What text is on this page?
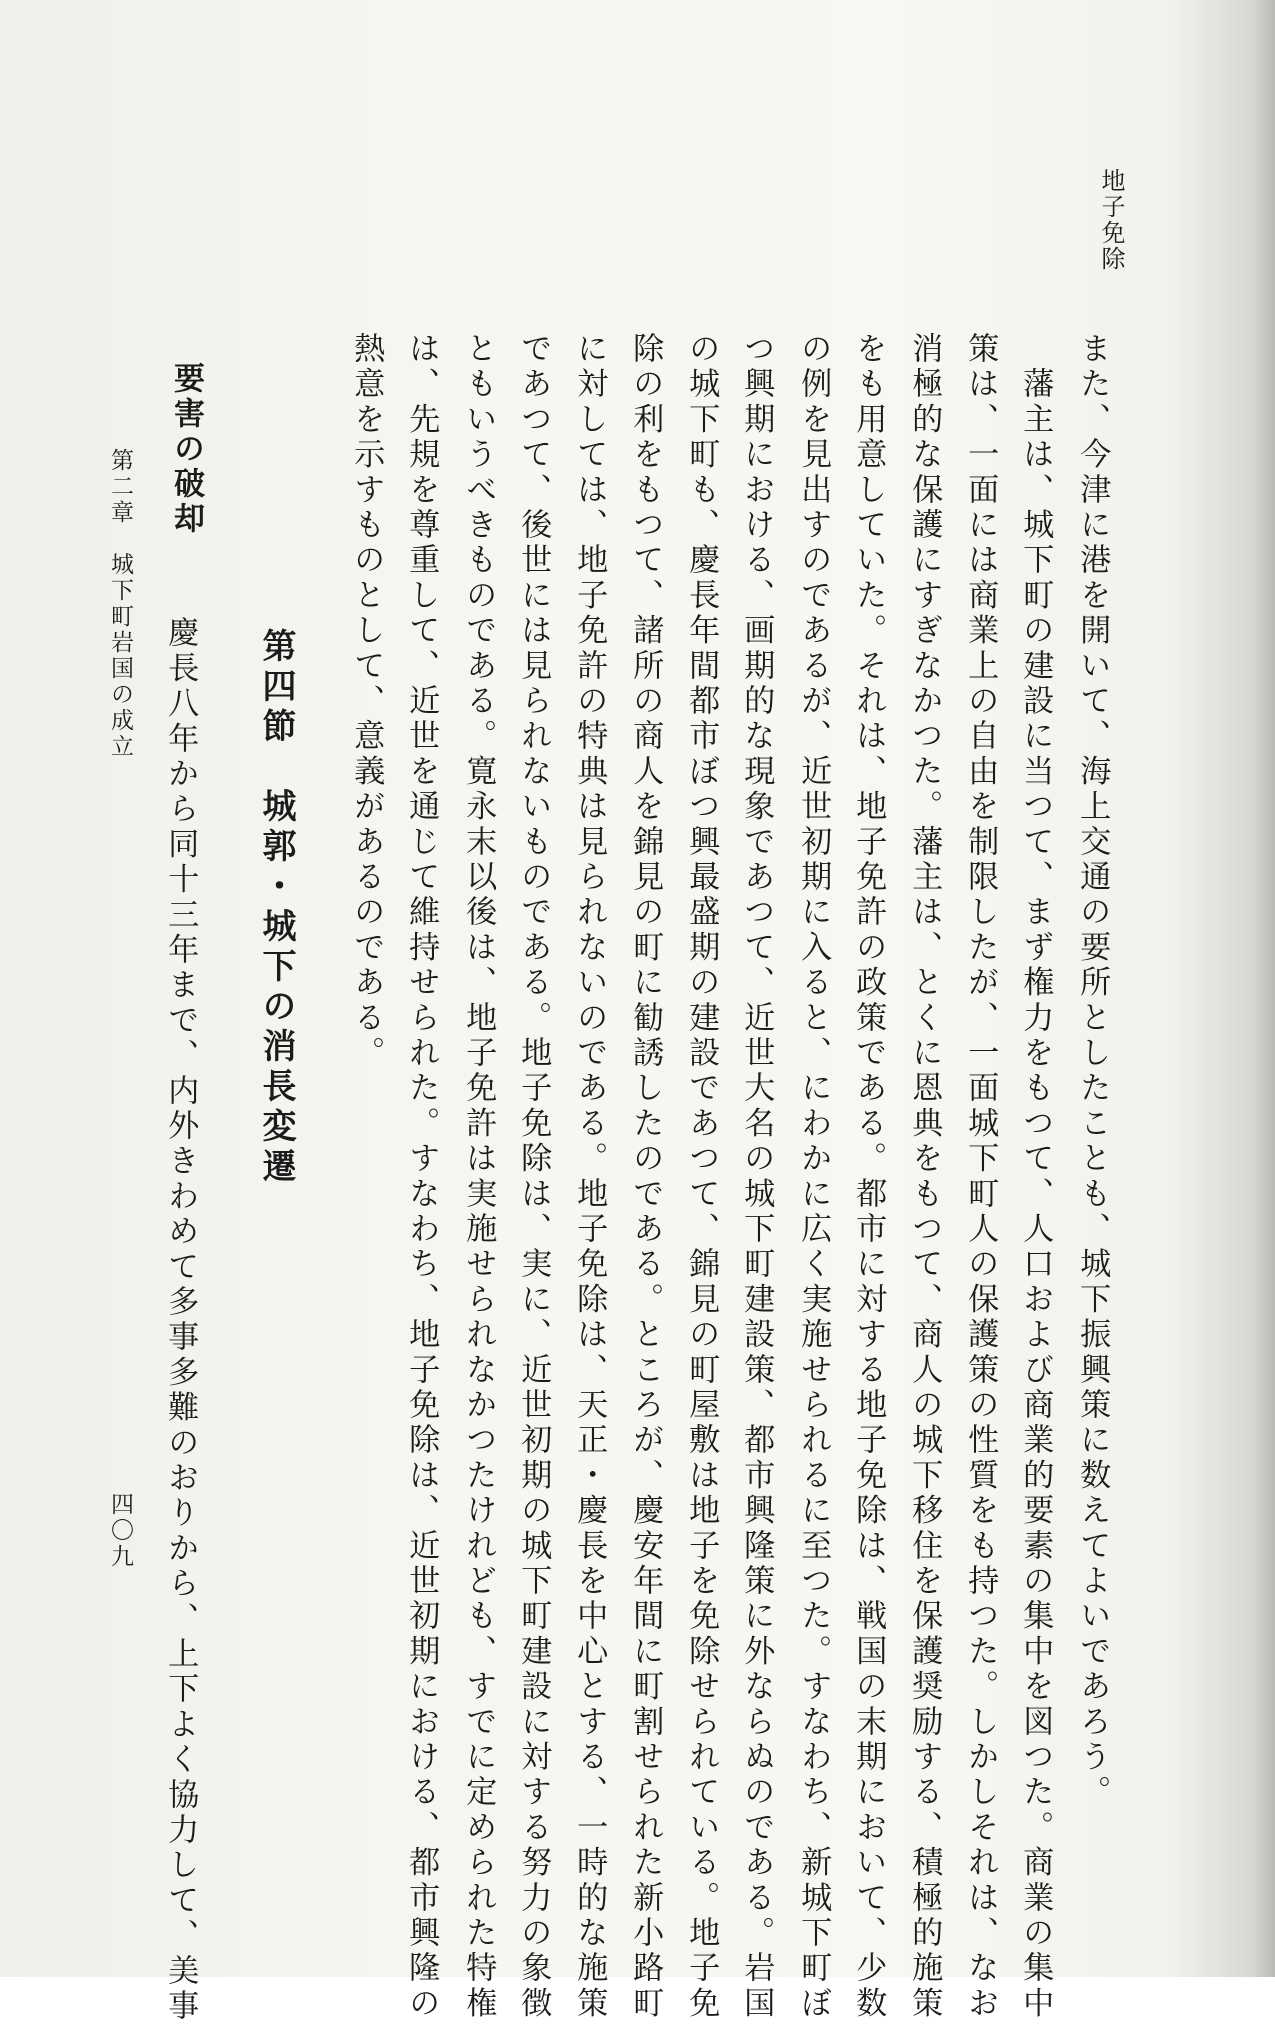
地子免除
また、今津に港を開いて、海上交通の要所としたことも、城下振興策に数えてよいであろう。
　藩主は、城下町の建設に当つて、まず権力をもつて、人口および商業的要素の集中を図つた。商業の集中
策は、一面には商業上の自由を制限したが、一面城下町人の保護策の性質をも持つた。しかしそれは、なお
消極的な保護にすぎなかつた。藩主は、とくに恩典をもつて、商人の城下移住を保護奨励する、積極的施策
をも用意していた。それは、地子免許の政策である。都市に対する地子免除は、戦国の末期において、少数
の例を見出すのであるが、近世初期に入ると、にわかに広く実施せられるに至つた。すなわち、新城下町ぼ
つ興期における、画期的な現象であつて、近世大名の城下町建設策、都市興隆策に外ならぬのである。岩国
の城下町も、慶長年間都市ぼつ興最盛期の建設であつて、錦見の町屋敷は地子を免除せられている。地子免
除の利をもつて、諸所の商人を錦見の町に勧誘したのである。ところが、慶安年間に町割せられた新小路町
に対しては、地子免許の特典は見られないのである。地子免除は、天正・慶長を中心とする、一時的な施策
であつて、後世には見られないものである。地子免除は、実に、近世初期の城下町建設に対する努力の象徴
ともいうべきものである。寛永末以後は、地子免許は実施せられなかつたけれども、すでに定められた特権
は、先規を尊重して、近世を通じて維持せられた。すなわち、地子免除は、近世初期における、都市興隆の
熱意を示すものとして、意義があるのである。
第四節　城郭・城下の消長変遷
要害の破却
　慶長八年から同十三年まで、内外きわめて多事多難のおりから、上下よく協力して、美事
第二章　城下町岩国の成立
四〇九
